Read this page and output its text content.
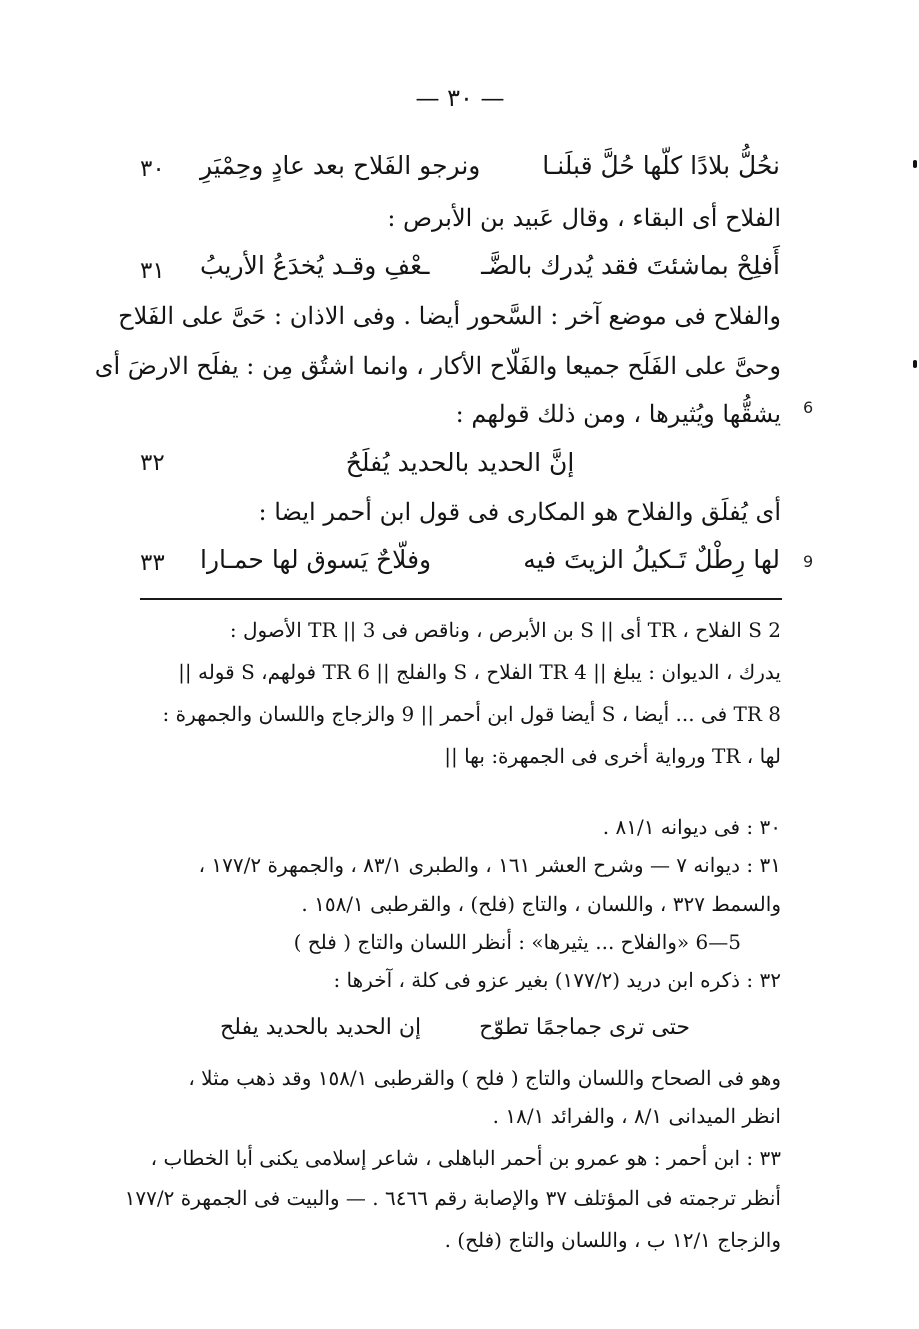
— ٣٠ —
نحُلُّ بلادًا كلّها حُلَّ قبلَنـا
ونرجو الفَلاح بعد عادٍ وحِمْيَرِ
٣٠
الفلاح أى البقاء ، وقال عَبيد بن الأبرص :
أَفلِحْ بماشئتَ فقد يُدرك بالضَّـ
ـعْفِ وقـد يُخدَعُ الأريبُ
٣١
والفلاح فى موضع آخر : السَّحور أيضا . وفى الاذان : حَىَّ على الفَلاح
وحىَّ على الفَلَح جميعا والفَلّاح الأكار ، وانما اشتُق مِن : يفلَح الارضَ أى
يشقُّها ويُثيرها ، ومن ذلك قولهم : 6
إنَّ الحديد بالحديد يُفلَحُ
٣٢
أى يُفلَق والفلاح هو المكارى فى قول ابن أحمر ايضا :
لها رِطْلٌ تَـكيلُ الزيتَ فيه
وفلّاحٌ يَسوق لها حمـارا
٣٣	9
2 S الفلاح ، TR أى || S بن الأبرص ، وناقص فى TR || 3 الأصول :
يدرك ، الديوان : يبلغ || 4 TR الفلاح ، S والفلج || 6 TR فولهم، S قوله ||
8 TR فى ... أيضا ، S أيضا قول ابن أحمر || 9 والزجاج واللسان والجمهرة :
لها ، TR ورواية أخرى فى الجمهرة: بها ||
٣٠ : فى ديوانه ٨١/١ .
٣١ : ديوانه ٧ — وشرح العشر ١٦١ ، والطبرى ٨٣/١ ، والجمهرة ١٧٧/٢ ،
والسمط ٣٢٧ ، واللسان ، والتاج (فلح) ، والقرطبى ١٥٨/١ .
5—6 «والفلاح ... يثيرها» : أنظر اللسان والتاج ( فلح )
٣٢ : ذكره ابن دريد (١٧٧/٢) بغير عزو فى كلة ، آخرها :
حتى ترى جماجمًا تطوّح
إن الحديد بالحديد يفلح
وهو فى الصحاح واللسان والتاج ( فلح ) والقرطبى ١٥٨/١ وقد ذهب مثلا ،
انظر الميدانى ٨/١ ، والفرائد ١٨/١ .
٣٣ : ابن أحمر : هو عمرو بن أحمر الباهلى ، شاعر إسلامى يكنى أبا الخطاب ،
أنظر ترجمته فى المؤتلف ٣٧ والإصابة رقم ٦٤٦٦ . — والبيت فى الجمهرة ١٧٧/٢
والزجاج ١٢/١ ب ، واللسان والتاج (فلح) .
